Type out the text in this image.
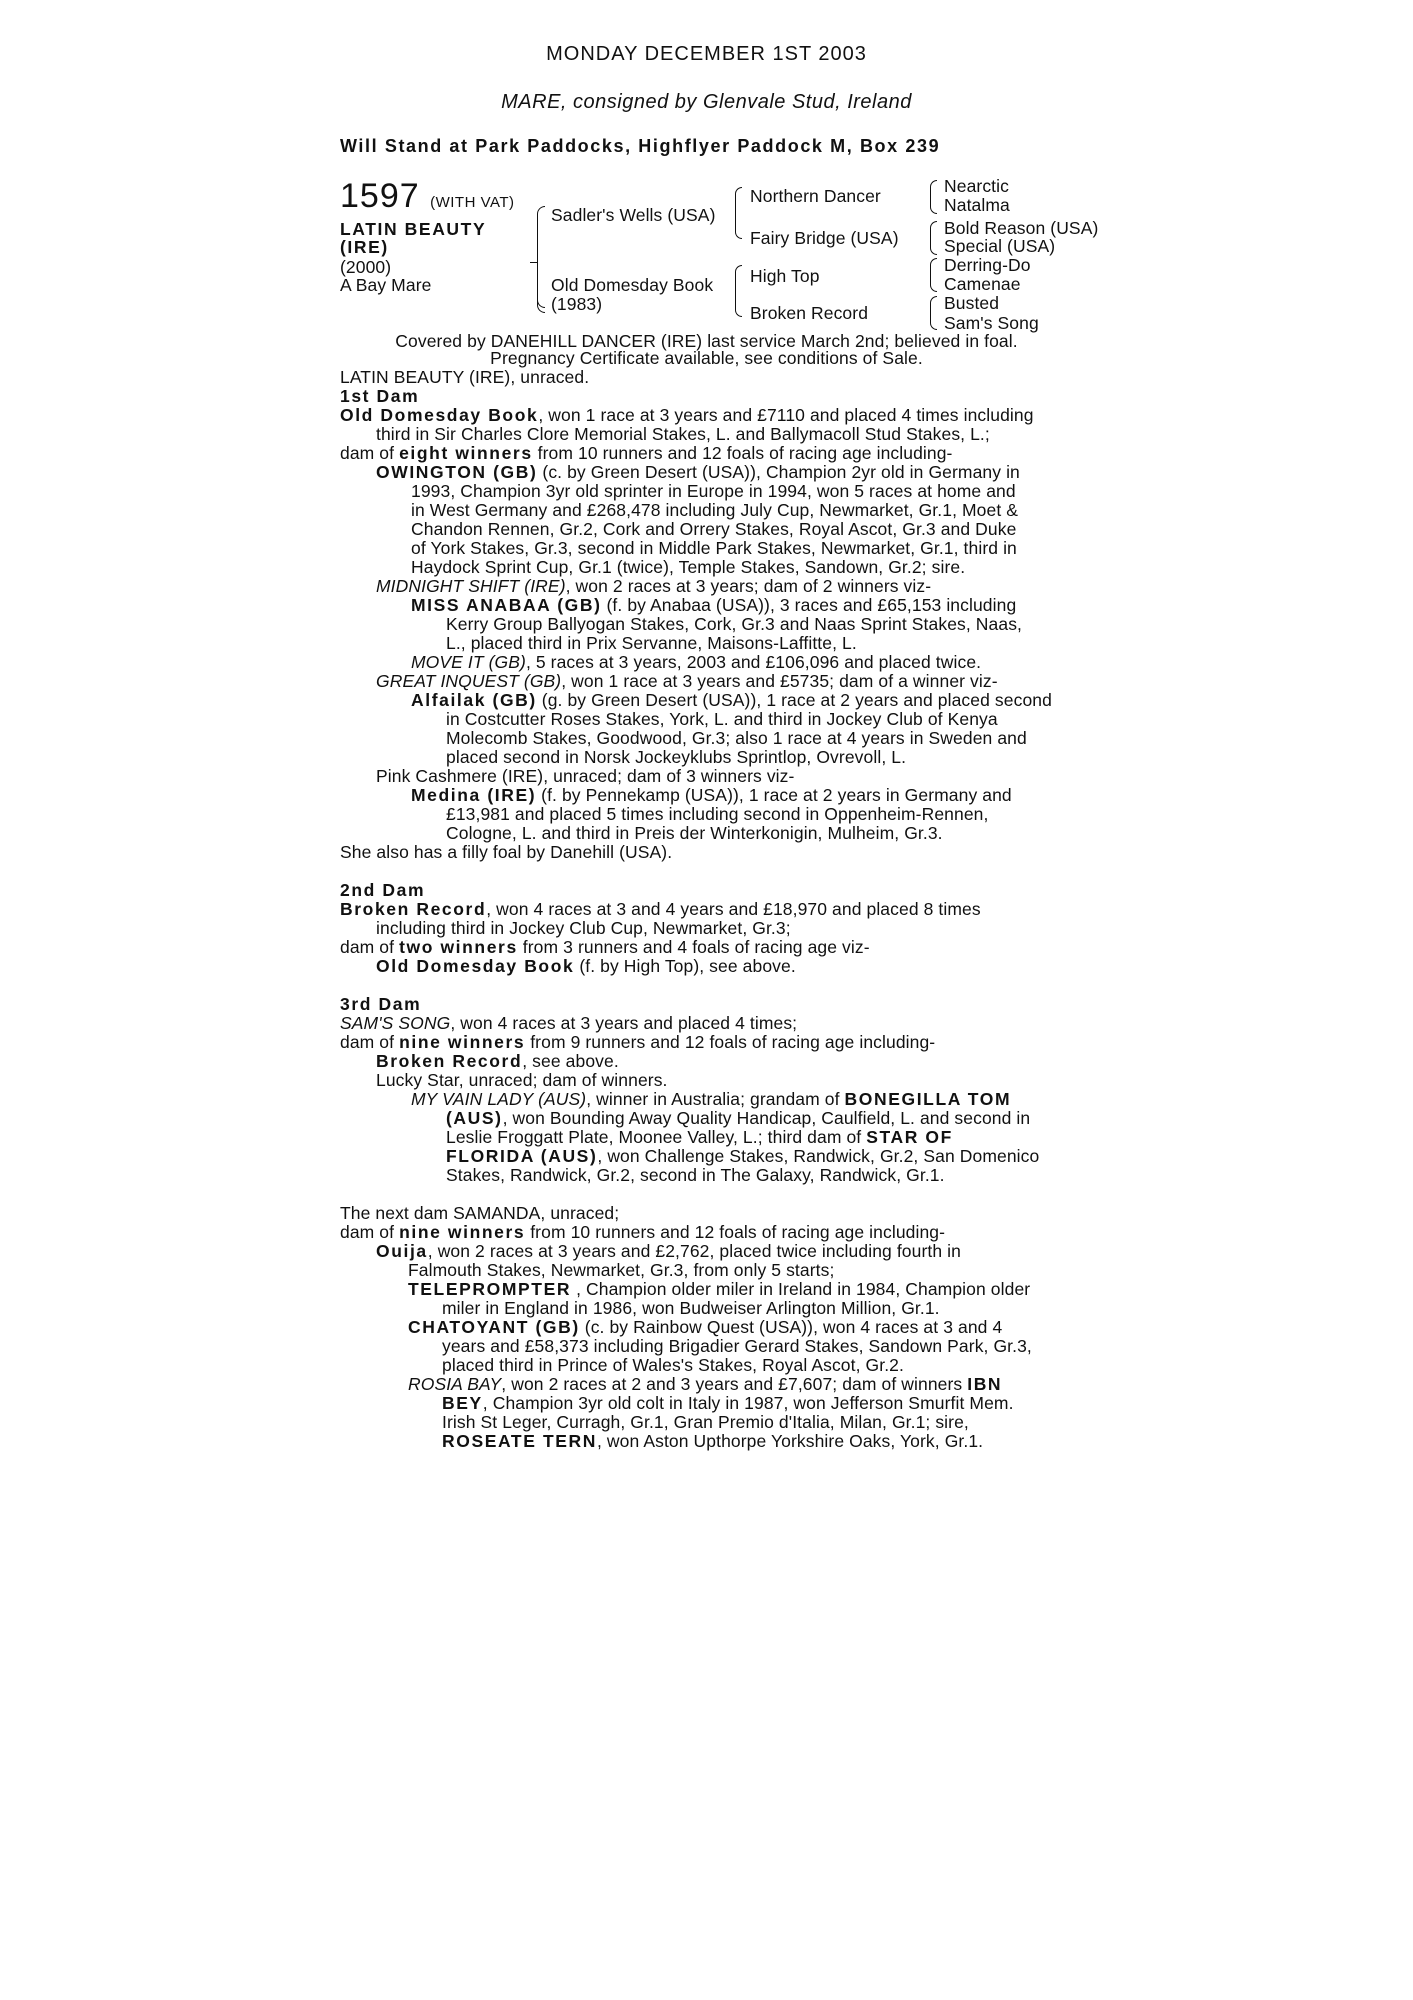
MONDAY DECEMBER 1ST 2003
MARE, consigned by Glenvale Stud, Ireland
Will Stand at Park Paddocks, Highflyer Paddock M, Box 239
1597 (WITH VAT)
LATIN BEAUTY
(IRE)
(2000)
A Bay Mare
Sadler's Wells (USA)
Old Domesday Book
(1983)
Northern Dancer
Fairy Bridge (USA)
High Top
Broken Record
Nearctic
Natalma
Bold Reason (USA)
Special (USA)
Derring-Do
Camenae
Busted
Sam's Song
Covered by DANEHILL DANCER (IRE) last service March 2nd; believed in foal.
Pregnancy Certificate available, see conditions of Sale.
LATIN BEAUTY (IRE), unraced.
1st Dam
Old Domesday Book, won 1 race at 3 years and £7110 and placed 4 times including
third in Sir Charles Clore Memorial Stakes, L. and Ballymacoll Stud Stakes, L.;
dam of eight winners from 10 runners and 12 foals of racing age including-
OWINGTON (GB) (c. by Green Desert (USA)), Champion 2yr old in Germany in
1993, Champion 3yr old sprinter in Europe in 1994, won 5 races at home and
in West Germany and £268,478 including July Cup, Newmarket, Gr.1, Moet &
Chandon Rennen, Gr.2, Cork and Orrery Stakes, Royal Ascot, Gr.3 and Duke
of York Stakes, Gr.3, second in Middle Park Stakes, Newmarket, Gr.1, third in
Haydock Sprint Cup, Gr.1 (twice), Temple Stakes, Sandown, Gr.2; sire.
MIDNIGHT SHIFT (IRE), won 2 races at 3 years; dam of 2 winners viz-
MISS ANABAA (GB) (f. by Anabaa (USA)), 3 races and £65,153 including
Kerry Group Ballyogan Stakes, Cork, Gr.3 and Naas Sprint Stakes, Naas,
L., placed third in Prix Servanne, Maisons-Laffitte, L.
MOVE IT (GB), 5 races at 3 years, 2003 and £106,096 and placed twice.
GREAT INQUEST (GB), won 1 race at 3 years and £5735; dam of a winner viz-
Alfailak (GB) (g. by Green Desert (USA)), 1 race at 2 years and placed second
in Costcutter Roses Stakes, York, L. and third in Jockey Club of Kenya
Molecomb Stakes, Goodwood, Gr.3; also 1 race at 4 years in Sweden and
placed second in Norsk Jockeyklubs Sprintlop, Ovrevoll, L.
Pink Cashmere (IRE), unraced; dam of 3 winners viz-
Medina (IRE) (f. by Pennekamp (USA)), 1 race at 2 years in Germany and
£13,981 and placed 5 times including second in Oppenheim-Rennen,
Cologne, L. and third in Preis der Winterkonigin, Mulheim, Gr.3.
She also has a filly foal by Danehill (USA).
2nd Dam
Broken Record, won 4 races at 3 and 4 years and £18,970 and placed 8 times
including third in Jockey Club Cup, Newmarket, Gr.3;
dam of two winners from 3 runners and 4 foals of racing age viz-
Old Domesday Book (f. by High Top), see above.
3rd Dam
SAM'S SONG, won 4 races at 3 years and placed 4 times;
dam of nine winners from 9 runners and 12 foals of racing age including-
Broken Record, see above.
Lucky Star, unraced; dam of winners.
MY VAIN LADY (AUS), winner in Australia; grandam of BONEGILLA TOM
(AUS), won Bounding Away Quality Handicap, Caulfield, L. and second in
Leslie Froggatt Plate, Moonee Valley, L.; third dam of STAR OF
FLORIDA (AUS), won Challenge Stakes, Randwick, Gr.2, San Domenico
Stakes, Randwick, Gr.2, second in The Galaxy, Randwick, Gr.1.
The next dam SAMANDA, unraced;
dam of nine winners from 10 runners and 12 foals of racing age including-
Ouija, won 2 races at 3 years and £2,762, placed twice including fourth in
Falmouth Stakes, Newmarket, Gr.3, from only 5 starts;
TELEPROMPTER , Champion older miler in Ireland in 1984, Champion older
miler in England in 1986, won Budweiser Arlington Million, Gr.1.
CHATOYANT (GB) (c. by Rainbow Quest (USA)), won 4 races at 3 and 4
years and £58,373 including Brigadier Gerard Stakes, Sandown Park, Gr.3,
placed third in Prince of Wales's Stakes, Royal Ascot, Gr.2.
ROSIA BAY, won 2 races at 2 and 3 years and £7,607; dam of winners IBN
BEY, Champion 3yr old colt in Italy in 1987, won Jefferson Smurfit Mem.
Irish St Leger, Curragh, Gr.1, Gran Premio d'Italia, Milan, Gr.1; sire,
ROSEATE TERN, won Aston Upthorpe Yorkshire Oaks, York, Gr.1.
